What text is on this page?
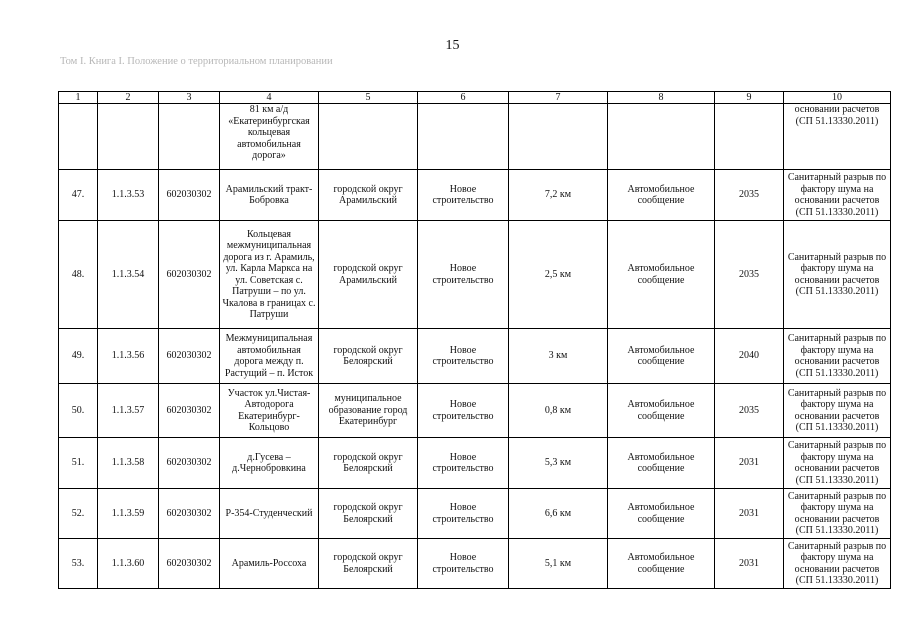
15
Том I. Книга I. Положение о территориальном планировании
1	2	3	4	5	6	7	8	9	10
			81 км а/д «Екатеринбургская кольцевая автомобильная дорога»						основании расчетов (СП 51.13330.2011)
47.	1.1.3.53	602030302	Арамильский тракт-Бобровка	городской округ Арамильский	Новое строительство	7,2 км	Автомобильное сообщение	2035	Санитарный разрыв по фактору шума на основании расчетов (СП 51.13330.2011)
48.	1.1.3.54	602030302	Кольцевая межмуниципальная дорога из г. Арамиль, ул. Карла Маркса на ул. Советская с. Патруши – по ул. Чкалова в границах с. Патруши	городской округ Арамильский	Новое строительство	2,5 км	Автомобильное сообщение	2035	Санитарный разрыв по фактору шума на основании расчетов (СП 51.13330.2011)
49.	1.1.3.56	602030302	Межмуниципальная автомобильная дорога между п. Растущий – п. Исток	городской округ Белоярский	Новое строительство	3 км	Автомобильное сообщение	2040	Санитарный разрыв по фактору шума на основании расчетов (СП 51.13330.2011)
50.	1.1.3.57	602030302	Участок ул.Чистая-Автодорога Екатеринбург-Кольцово	муниципальное образование город Екатеринбург	Новое строительство	0,8 км	Автомобильное сообщение	2035	Санитарный разрыв по фактору шума на основании расчетов (СП 51.13330.2011)
51.	1.1.3.58	602030302	д.Гусева – д.Чернобровкина	городской округ Белоярский	Новое строительство	5,3 км	Автомобильное сообщение	2031	Санитарный разрыв по фактору шума на основании расчетов (СП 51.13330.2011)
52.	1.1.3.59	602030302	Р-354-Студенческий	городской округ Белоярский	Новое строительство	6,6 км	Автомобильное сообщение	2031	Санитарный разрыв по фактору шума на основании расчетов (СП 51.13330.2011)
53.	1.1.3.60	602030302	Арамиль-Россоха	городской округ Белоярский	Новое строительство	5,1 км	Автомобильное сообщение	2031	Санитарный разрыв по фактору шума на основании расчетов (СП 51.13330.2011)
